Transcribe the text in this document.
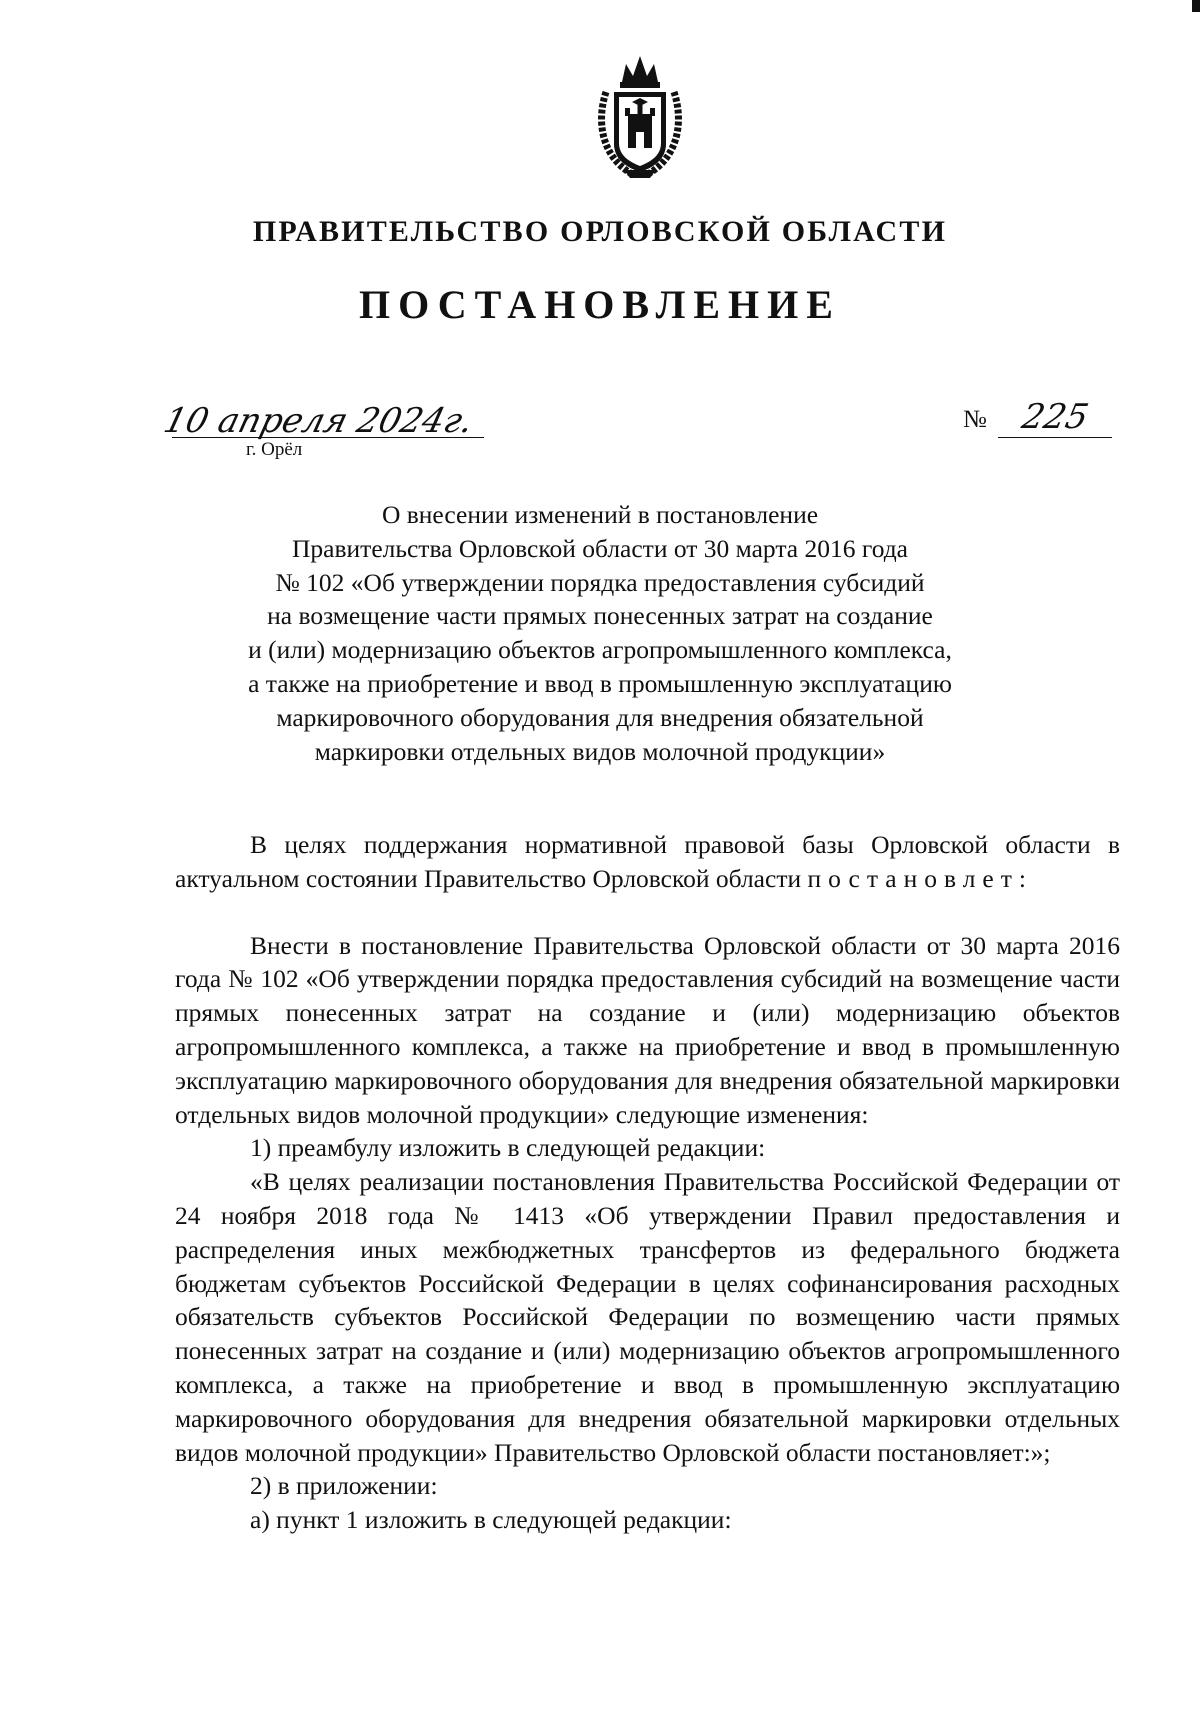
ПРАВИТЕЛЬСТВО ОРЛОВСКОЙ ОБЛАСТИ
ПОСТАНОВЛЕНИЕ
10 апреля 2024г.
г. Орёл
№ 225
О внесении изменений в постановление
Правительства Орловской области от 30 марта 2016 года
№ 102 «Об утверждении порядка предоставления субсидий
на возмещение части прямых понесенных затрат на создание
и (или) модернизацию объектов агропромышленного комплекса,
а также на приобретение и ввод в промышленную эксплуатацию
маркировочного оборудования для внедрения обязательной
маркировки отдельных видов молочной продукции»

В целях поддержания нормативной правовой базы Орловской области в актуальном состоянии Правительство Орловской области постановлет:

Внести в постановление Правительства Орловской области от 30 марта 2016 года № 102 «Об утверждении порядка предоставления субсидий на возмещение части прямых понесенных затрат на создание и (или) модернизацию объектов агропромышленного комплекса, а также на приобретение и ввод в промышленную эксплуатацию маркировочного оборудования для внедрения обязательной маркировки отдельных видов молочной продукции» следующие изменения:

1) преамбулу изложить в следующей редакции:

«В целях реализации постановления Правительства Российской Федерации от 24 ноября 2018 года № 1413 «Об утверждении Правил предоставления и распределения иных межбюджетных трансфертов из федерального бюджета бюджетам субъектов Российской Федерации в целях софинансирования расходных обязательств субъектов Российской Федерации по возмещению части прямых понесенных затрат на создание и (или) модернизацию объектов агропромышленного комплекса, а также на приобретение и ввод в промышленную эксплуатацию маркировочного оборудования для внедрения обязательной маркировки отдельных видов молочной продукции» Правительство Орловской области постановляет:»;

2) в приложении:

а) пункт 1 изложить в следующей редакции:
